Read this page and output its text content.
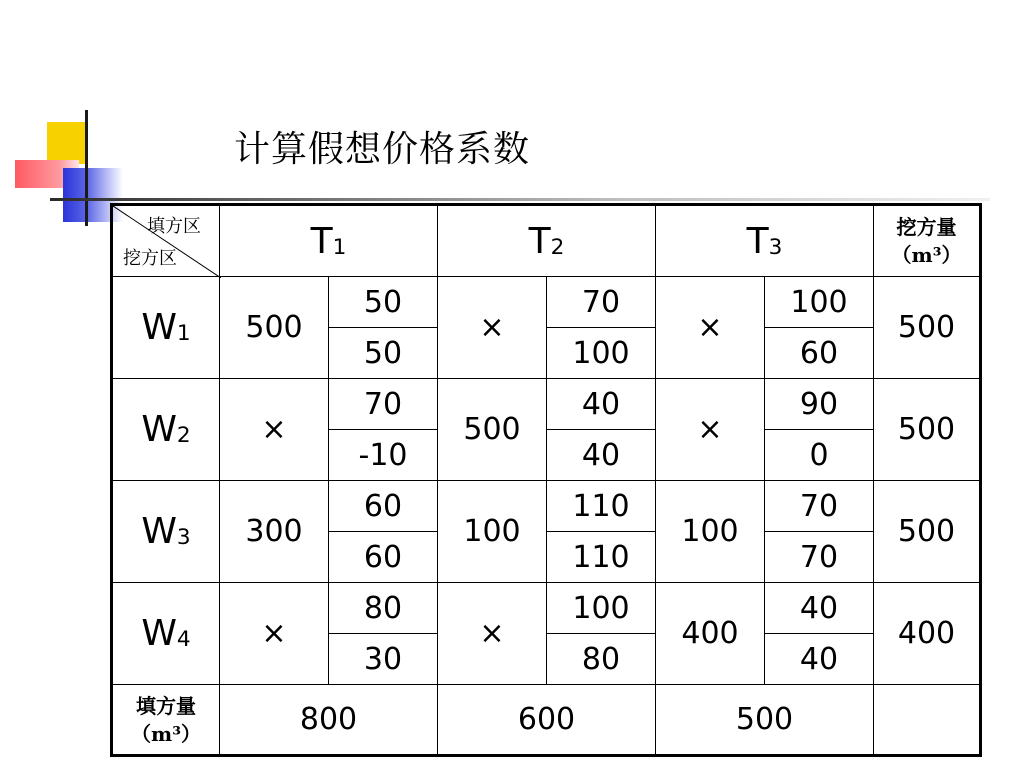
计算假想价格系数
填方区
挖方区	$T_1$		$T_2$		$T_3$		挖方量
（m³）
$W_1$	500	50	×	70	×	100	500
		50		100		60	
$W_2$	×	70	500	40	×	90	500
		-10		40		0	
$W_3$	300	60	100	110	100	70	500
		60		110		70	
$W_4$	×	80	×	100	400	40	400
		30		80		40	
填方量
（m³）	800		600		500		
